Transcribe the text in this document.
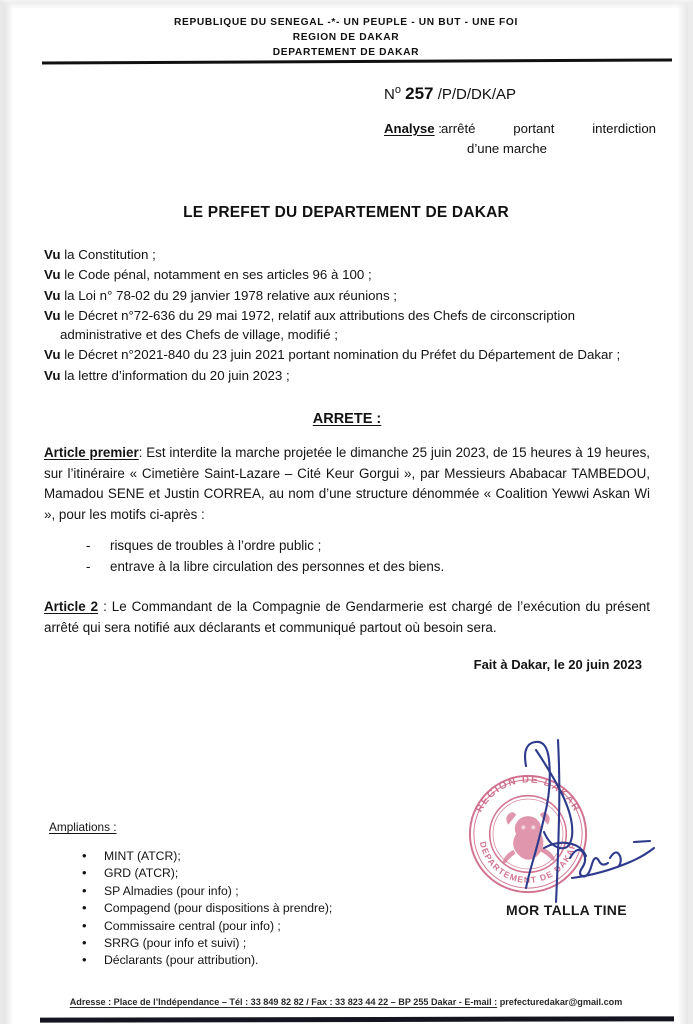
REPUBLIQUE DU SENEGAL -*- UN PEUPLE - UN BUT - UNE FOI
REGION DE DAKAR
DEPARTEMENT DE DAKAR
$N^o$ 257 /P/D/DK/AP
Analyse : arrêté portant interdiction
d’une marche
LE PREFET DU DEPARTEMENT DE DAKAR

Vu la Constitution ;

Vu le Code pénal, notamment en ses articles 96 à 100 ;

Vu la Loi n° 78-02 du 29 janvier 1978 relative aux réunions ;

Vu le Décret n°72-636 du 29 mai 1972, relatif aux attributions des Chefs de circonscription
administrative et des Chefs de village, modifié ;

Vu le Décret n°2021-840 du 23 juin 2021 portant nomination du Préfet du Département de Dakar ;

Vu la lettre d’information du 20 juin 2023 ;

ARRETE :

Article premier: Est interdite la marche projetée le dimanche 25 juin 2023, de 15 heures à 19 heures, sur l’itinéraire « Cimetière Saint-Lazare – Cité Keur Gorgui », par Messieurs Ababacar TAMBEDOU, Mamadou SENE et Justin CORREA, au nom d’une structure dénommée « Coalition Yewwi Askan Wi », pour les motifs ci-après :

- risques de troubles à l’ordre public ;
- entrave à la libre circulation des personnes et des biens.

Article 2 : Le Commandant de la Compagnie de Gendarmerie est chargé de l’exécution du présent arrêté qui sera notifié aux déclarants et communiqué partout où besoin sera.

Fait à Dakar, le 20 juin 2023
Ampliations :
• MINT (ATCR);
• GRD (ATCR);
• SP Almadies (pour info) ;
• Compagend (pour dispositions à prendre);
• Commissaire central (pour info) ;
• SRRG (pour info et suivi) ;
• Déclarants (pour attribution).
REGION DE DAKAR
DEPARTEMENT DE DAKAR
MOR TALLA TINE
Adresse : Place de l’Indépendance – Tél : 33 849 82 82 / Fax : 33 823 44 22 – BP 255 Dakar - E-mail : prefecturedakar@gmail.com
